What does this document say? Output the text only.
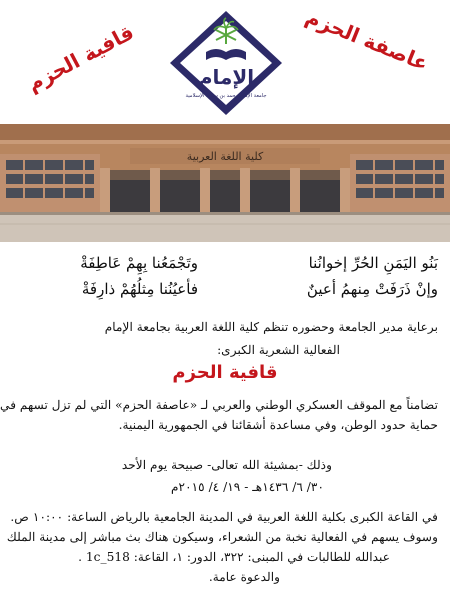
عاصفة الحزم
قافية الحزم	الإمام
جامعة الإمام محمد بن سعود الإسلامية
كلية اللغة العربية
بَنُو اليَمَنِ الحُرِّ إخوانُنا
وتَجْمَعُنا بِهِمْ عَاطِفَةْ
وإنْ ذَرَفَتْ مِنهمُ أعينٌ
فأعيُنُنا مِثلُهُمْ ذارِفَةْ
برعاية مدير الجامعة وحضوره تنظم كلية اللغة العربية بجامعة الإمام
الفعالية الشعرية الكبرى:
قافية الحزم
تضامناً مع الموقف العسكري الوطني والعربي لـ «عاصفة الحزم» التي لم تزل تسهم في
حماية حدود الوطن، وفي مساعدة أشقائنا في الجمهورية اليمنية.
وذلك -بمشيئة الله تعالى- صبيحة يوم الأحد
٣٠/ ٦/ ١٤٣٦هـ - ١٩/ ٤/ ٢٠١٥م
في القاعة الكبرى بكلية اللغة العربية في المدينة الجامعية بالرياض الساعة: ١٠:٠٠ ص.
وسوف يسهم في الفعالية نخبة من الشعراء، وسيكون هناك بث مباشر إلى مدينة الملك
عبدالله للطالبات في المبنى: ٣٢٢، الدور: ١، القاعة: 1c_518 .
والدعوة عامة.
